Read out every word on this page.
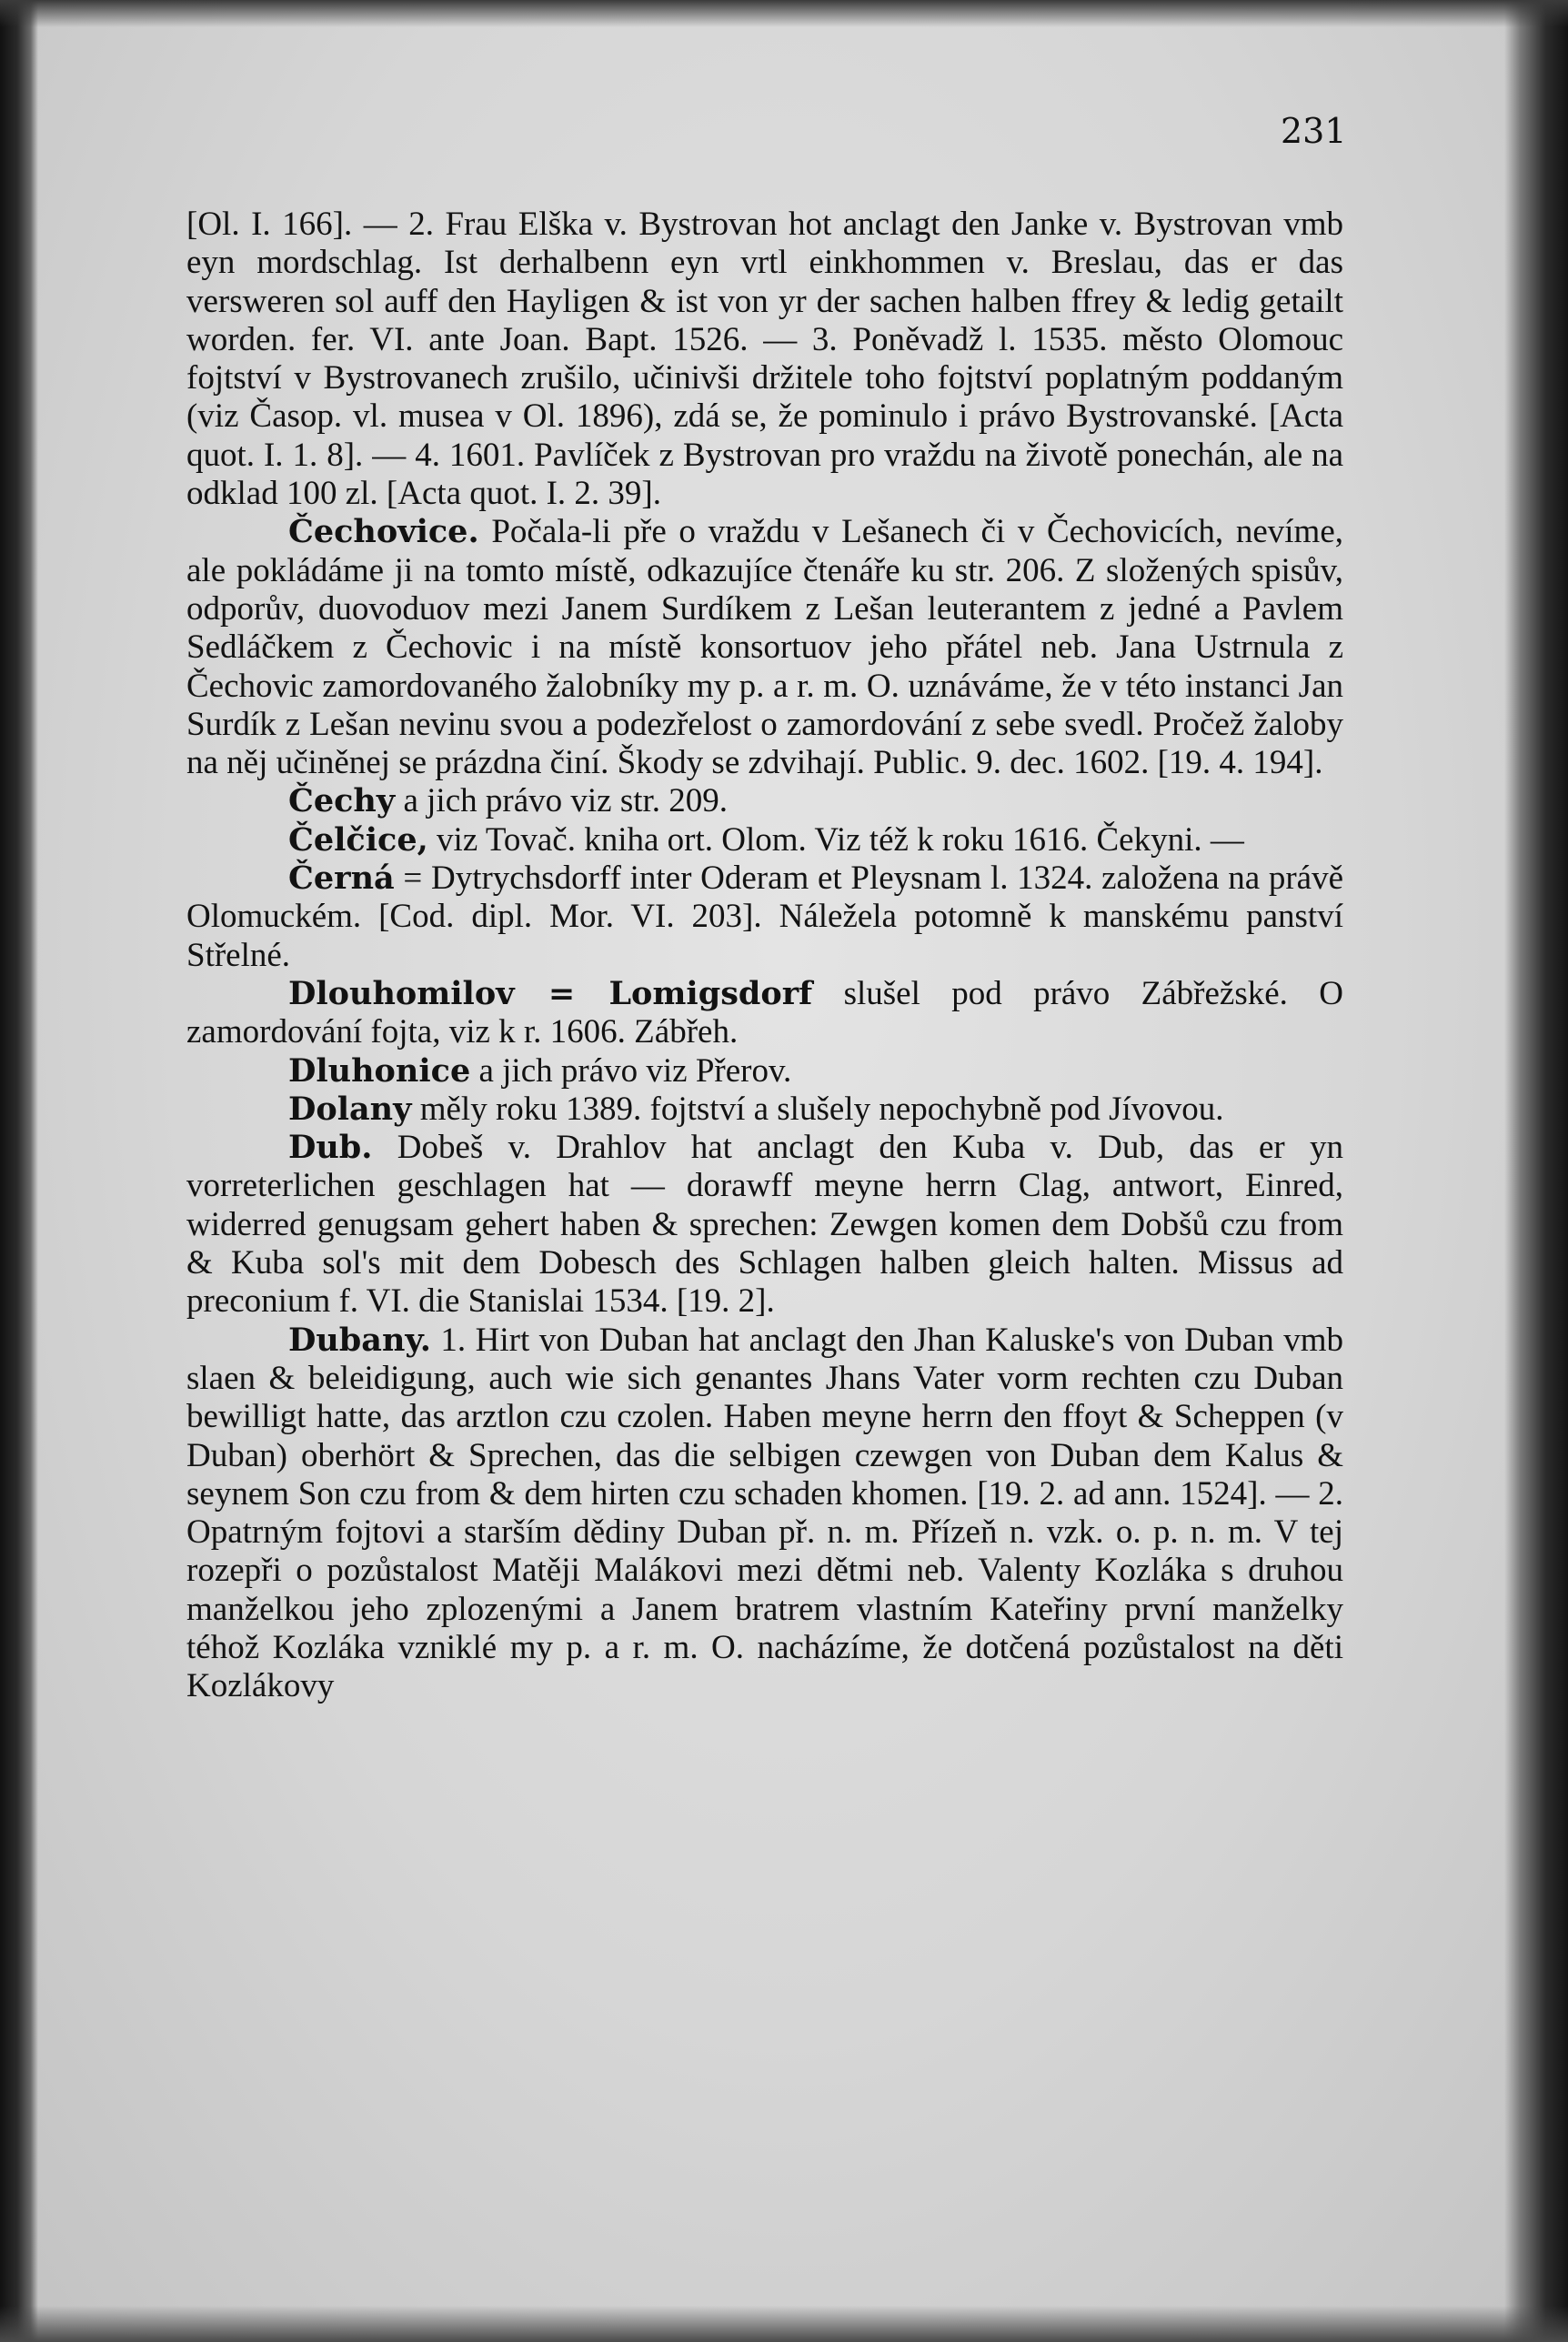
231

[Ol. I. 166]. — 2. Frau Elška v. Bystrovan hot anclagt den Janke v. Bystrovan vmb eyn mordschlag. Ist derhalbenn eyn vrtl einkhommen v. Breslau, das er das versweren sol auff den Hayligen & ist von yr der sachen halben ffrey & ledig getailt worden. fer. VI. ante Joan. Bapt. 1526. — 3. Poněvadž l. 1535. město Olomouc fojtství v Bystrovanech zrušilo, učinivši držitele toho fojtství poplatným poddaným (viz Časop. vl. musea v Ol. 1896), zdá se, že pominulo i právo Bystrovanské. [Acta quot. I. 1. 8]. — 4. 1601. Pavlíček z Bystrovan pro vraždu na životě ponechán, ale na odklad 100 zl. [Acta quot. I. 2. 39].

Čechovice. Počala-li pře o vraždu v Lešanech či v Čechovicích, nevíme, ale pokládáme ji na tomto místě, odkazujíce čtenáře ku str. 206. Z složených spisův, odporův, duovoduov mezi Janem Surdíkem z Lešan leuterantem z jedné a Pavlem Sedláčkem z Čechovic i na místě konsortuov jeho přátel neb. Jana Ustrnula z Čechovic zamordovaného žalobníky my p. a r. m. O. uznáváme, že v této instanci Jan Surdík z Lešan nevinu svou a podezřelost o zamordování z sebe svedl. Pročež žaloby na něj učiněnej se prázdna činí. Škody se zdvihají. Public. 9. dec. 1602. [19. 4. 194].

Čechy a jich právo viz str. 209.

Čelčice, viz Tovač. kniha ort. Olom. Viz též k roku 1616. Čekyni. —

Černá = Dytrychsdorff inter Oderam et Pleysnam l. 1324. založena na právě Olomuckém. [Cod. dipl. Mor. VI. 203]. Náležela potomně k manskému panství Střelné.

Dlouhomilov = Lomigsdorf slušel pod právo Zábřežské. O zamordování fojta, viz k r. 1606. Zábřeh.

Dluhonice a jich právo viz Přerov.

Dolany měly roku 1389. fojtství a slušely nepochybně pod Jívovou.

Dub. Dobeš v. Drahlov hat anclagt den Kuba v. Dub, das er yn vorreterlichen geschlagen hat — dorawff meyne herrn Clag, antwort, Einred, widerred genugsam gehert haben & sprechen: Zewgen komen dem Dobšů czu from & Kuba sol's mit dem Dobesch des Schlagen halben gleich halten. Missus ad preconium f. VI. die Stanislai 1534. [19. 2].

Dubany. 1. Hirt von Duban hat anclagt den Jhan Kaluske's von Duban vmb slaen & beleidigung, auch wie sich genantes Jhans Vater vorm rechten czu Duban bewilligt hatte, das arztlon czu czolen. Haben meyne herrn den ffoyt & Scheppen (v Duban) oberhört & Sprechen, das die selbigen czewgen von Duban dem Kalus & seynem Son czu from & dem hirten czu schaden khomen. [19. 2. ad ann. 1524]. — 2. Opatrným fojtovi a starším dědiny Duban př. n. m. Přízeň n. vzk. o. p. n. m. V tej rozepři o pozůstalost Matěji Malákovi mezi dětmi neb. Valenty Kozláka s druhou manželkou jeho zplozenými a Janem bratrem vlastním Kateřiny první manželky téhož Kozláka vzniklé my p. a r. m. O. nacházíme, že dotčená pozůstalost na děti Kozlákovy
